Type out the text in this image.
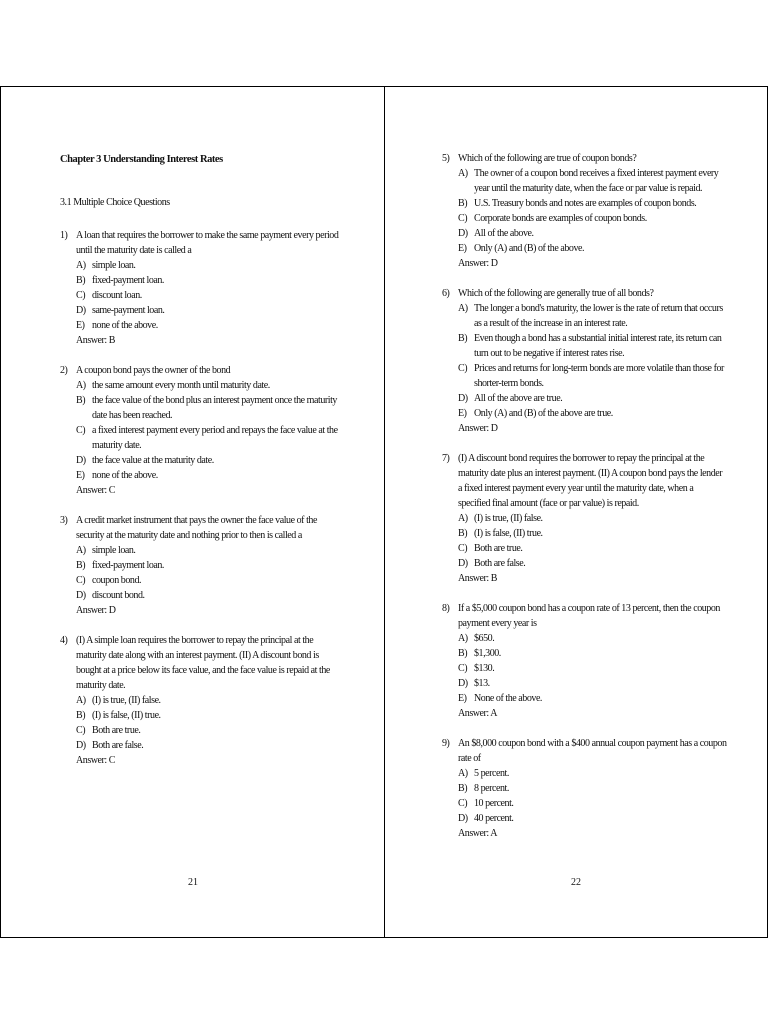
Chapter 3 Understanding Interest Rates
3.1 Multiple Choice Questions
1) A loan that requires the borrower to make the same payment every period until the maturity date is called a
A) simple loan.
B) fixed-payment loan.
C) discount loan.
D) same-payment loan.
E) none of the above.
Answer: B
2) A coupon bond pays the owner of the bond
A) the same amount every month until maturity date.
B) the face value of the bond plus an interest payment once the maturity date has been reached.
C) a fixed interest payment every period and repays the face value at the maturity date.
D) the face value at the maturity date.
E) none of the above.
Answer: C
3) A credit market instrument that pays the owner the face value of the security at the maturity date and nothing prior to then is called a
A) simple loan.
B) fixed-payment loan.
C) coupon bond.
D) discount bond.
Answer: D
4) (I) A simple loan requires the borrower to repay the principal at the maturity date along with an interest payment. (II) A discount bond is bought at a price below its face value, and the face value is repaid at the maturity date.
A) (I) is true, (II) false.
B) (I) is false, (II) true.
C) Both are true.
D) Both are false.
Answer: C
21
5) Which of the following are true of coupon bonds?
A) The owner of a coupon bond receives a fixed interest payment every year until the maturity date, when the face or par value is repaid.
B) U.S. Treasury bonds and notes are examples of coupon bonds.
C) Corporate bonds are examples of coupon bonds.
D) All of the above.
E) Only (A) and (B) of the above.
Answer: D
6) Which of the following are generally true of all bonds?
A) The longer a bond's maturity, the lower is the rate of return that occurs as a result of the increase in an interest rate.
B) Even though a bond has a substantial initial interest rate, its return can turn out to be negative if interest rates rise.
C) Prices and returns for long-term bonds are more volatile than those for shorter-term bonds.
D) All of the above are true.
E) Only (A) and (B) of the above are true.
Answer: D
7) (I) A discount bond requires the borrower to repay the principal at the maturity date plus an interest payment. (II) A coupon bond pays the lender a fixed interest payment every year until the maturity date, when a specified final amount (face or par value) is repaid.
A) (I) is true, (II) false.
B) (I) is false, (II) true.
C) Both are true.
D) Both are false.
Answer: B
8) If a $5,000 coupon bond has a coupon rate of 13 percent, then the coupon payment every year is
A) $650.
B) $1,300.
C) $130.
D) $13.
E) None of the above.
Answer: A
9) An $8,000 coupon bond with a $400 annual coupon payment has a coupon rate of
A) 5 percent.
B) 8 percent.
C) 10 percent.
D) 40 percent.
Answer: A
22
